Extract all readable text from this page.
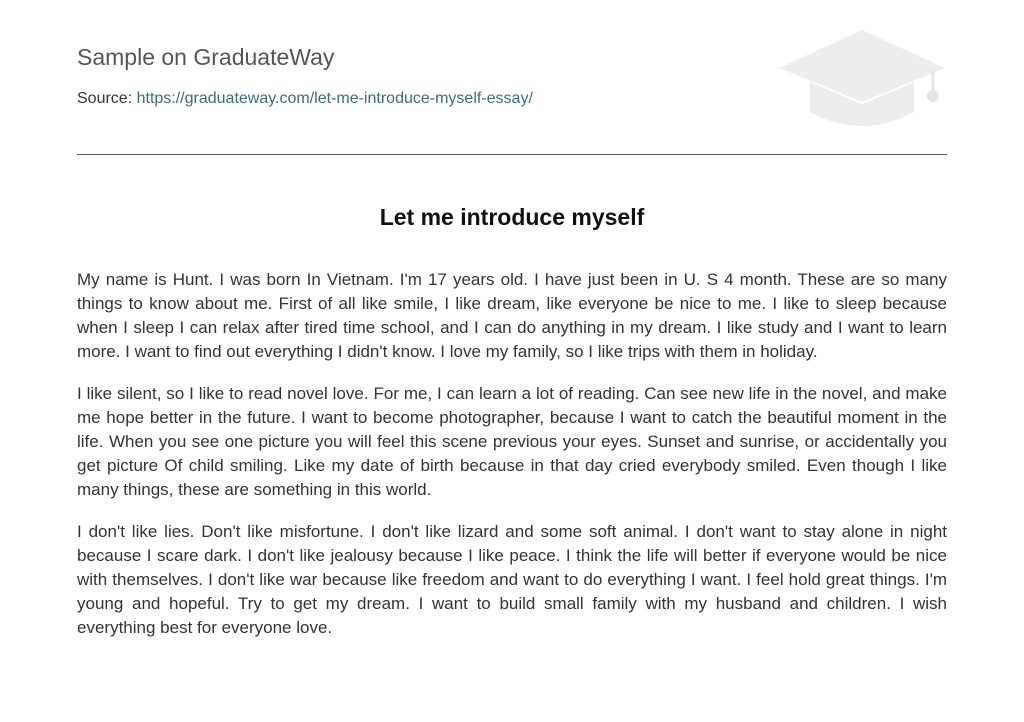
Sample on GraduateWay
Source: https://graduateway.com/let-me-introduce-myself-essay/
Let me introduce myself

My name is Hunt. I was born In Vietnam. I'm 17 years old. I have just been in U. S 4 month. These are so many things to know about me. First of all like smile, I like dream, like everyone be nice to me. I like to sleep because when I sleep I can relax after tired time school, and I can do anything in my dream. I like study and I want to learn more. I want to find out everything I didn't know. I love my family, so I like trips with them in holiday.

I like silent, so I like to read novel love. For me, I can learn a lot of reading. Can see new life in the novel, and make me hope better in the future. I want to become photographer, because I want to catch the beautiful moment in the life. When you see one picture you will feel this scene previous your eyes. Sunset and sunrise, or accidentally you get picture Of child smiling. Like my date of birth because in that day cried everybody smiled. Even though I like many things, these are something in this world.

I don't like lies. Don't like misfortune. I don't like lizard and some soft animal. I don't want to stay alone in night because I scare dark. I don't like jealousy because I like peace. I think the life will better if everyone would be nice with themselves. I don't like war because like freedom and want to do everything I want. I feel hold great things. I'm young and hopeful. Try to get my dream. I want to build small family with my husband and children. I wish everything best for everyone love.
